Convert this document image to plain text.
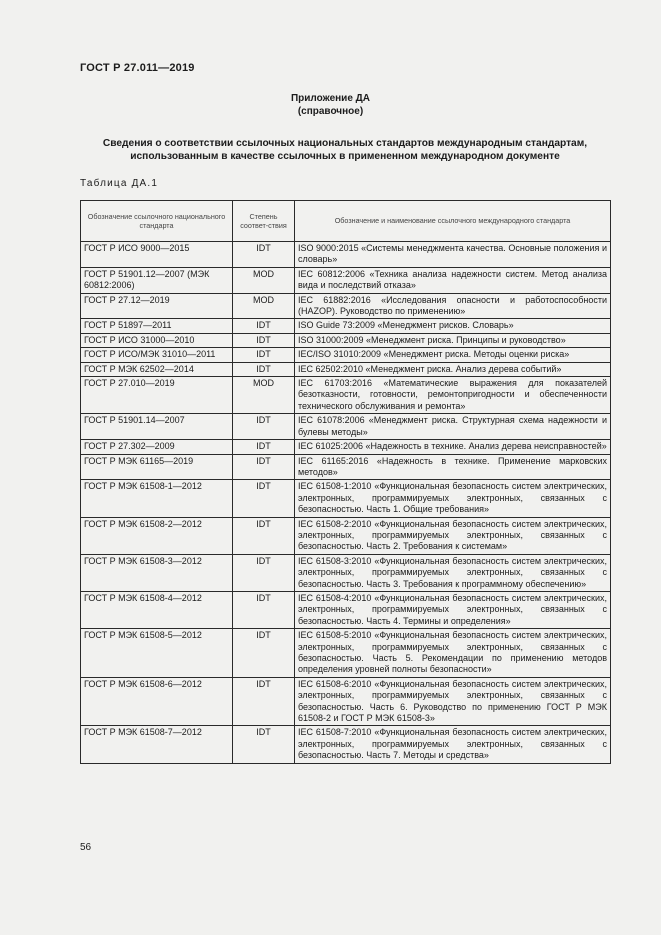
ГОСТ Р 27.011—2019
Приложение ДА
(справочное)
Сведения о соответствии ссылочных национальных стандартов международным стандартам, использованным в качестве ссылочных в примененном международном документе
Таблица ДА.1
Обозначение ссылочного национального стандарта	Степень соответ-ствия	Обозначение и наименование ссылочного международного стандарта
ГОСТ Р ИСО 9000—2015	IDT	ISO 9000:2015 «Системы менеджмента качества. Основные положения и словарь»
ГОСТ Р 51901.12—2007 (МЭК 60812:2006)	MOD	IEC 60812:2006 «Техника анализа надежности систем. Метод анализа вида и последствий отказа»
ГОСТ Р 27.12—2019	MOD	IEC 61882:2016 «Исследования опасности и работоспособности (HAZOP). Руководство по применению»
ГОСТ Р 51897—2011	IDT	ISO Guide 73:2009 «Менеджмент рисков. Словарь»
ГОСТ Р ИСО 31000—2010	IDT	ISO 31000:2009 «Менеджмент риска. Принципы и руководство»
ГОСТ Р ИСО/МЭК 31010—2011	IDT	IEC/ISO 31010:2009 «Менеджмент риска. Методы оценки риска»
ГОСТ Р МЭК 62502—2014	IDT	IEC 62502:2010 «Менеджмент риска. Анализ дерева событий»
ГОСТ Р 27.010—2019	MOD	IEC 61703:2016 «Математические выражения для показателей безотказности, готовности, ремонтопригодности и обеспеченности технического обслуживания и ремонта»
ГОСТ Р 51901.14—2007	IDT	IEC 61078:2006 «Менеджмент риска. Структурная схема надежности и булевы методы»
ГОСТ Р 27.302—2009	IDT	IEC 61025:2006 «Надежность в технике. Анализ дерева неисправностей»
ГОСТ Р МЭК 61165—2019	IDT	IEC 61165:2016 «Надежность в технике. Применение марковских методов»
ГОСТ Р МЭК 61508-1—2012	IDT	IEC 61508-1:2010 «Функциональная безопасность систем электрических, электронных, программируемых электронных, связанных с безопасностью. Часть 1. Общие требования»
ГОСТ Р МЭК 61508-2—2012	IDT	IEC 61508-2:2010 «Функциональная безопасность систем электрических, электронных, программируемых электронных, связанных с безопасностью. Часть 2. Требования к системам»
ГОСТ Р МЭК 61508-3—2012	IDT	IEC 61508-3:2010 «Функциональная безопасность систем электрических, электронных, программируемых электронных, связанных с безопасностью. Часть 3. Требования к программному обеспечению»
ГОСТ Р МЭК 61508-4—2012	IDT	IEC 61508-4:2010 «Функциональная безопасность систем электрических, электронных, программируемых электронных, связанных с безопасностью. Часть 4. Термины и определения»
ГОСТ Р МЭК 61508-5—2012	IDT	IEC 61508-5:2010 «Функциональная безопасность систем электрических, электронных, программируемых электронных, связанных с безопасностью. Часть 5. Рекомендации по применению методов определения уровней полноты безопасности»
ГОСТ Р МЭК 61508-6—2012	IDT	IEC 61508-6:2010 «Функциональная безопасность систем электрических, электронных, программируемых электронных, связанных с безопасностью. Часть 6. Руководство по применению ГОСТ Р МЭК 61508-2 и ГОСТ Р МЭК 61508-3»
ГОСТ Р МЭК 61508-7—2012	IDT	IEC 61508-7:2010 «Функциональная безопасность систем электрических, электронных, программируемых электронных, связанных с безопасностью. Часть 7. Методы и средства»
56
